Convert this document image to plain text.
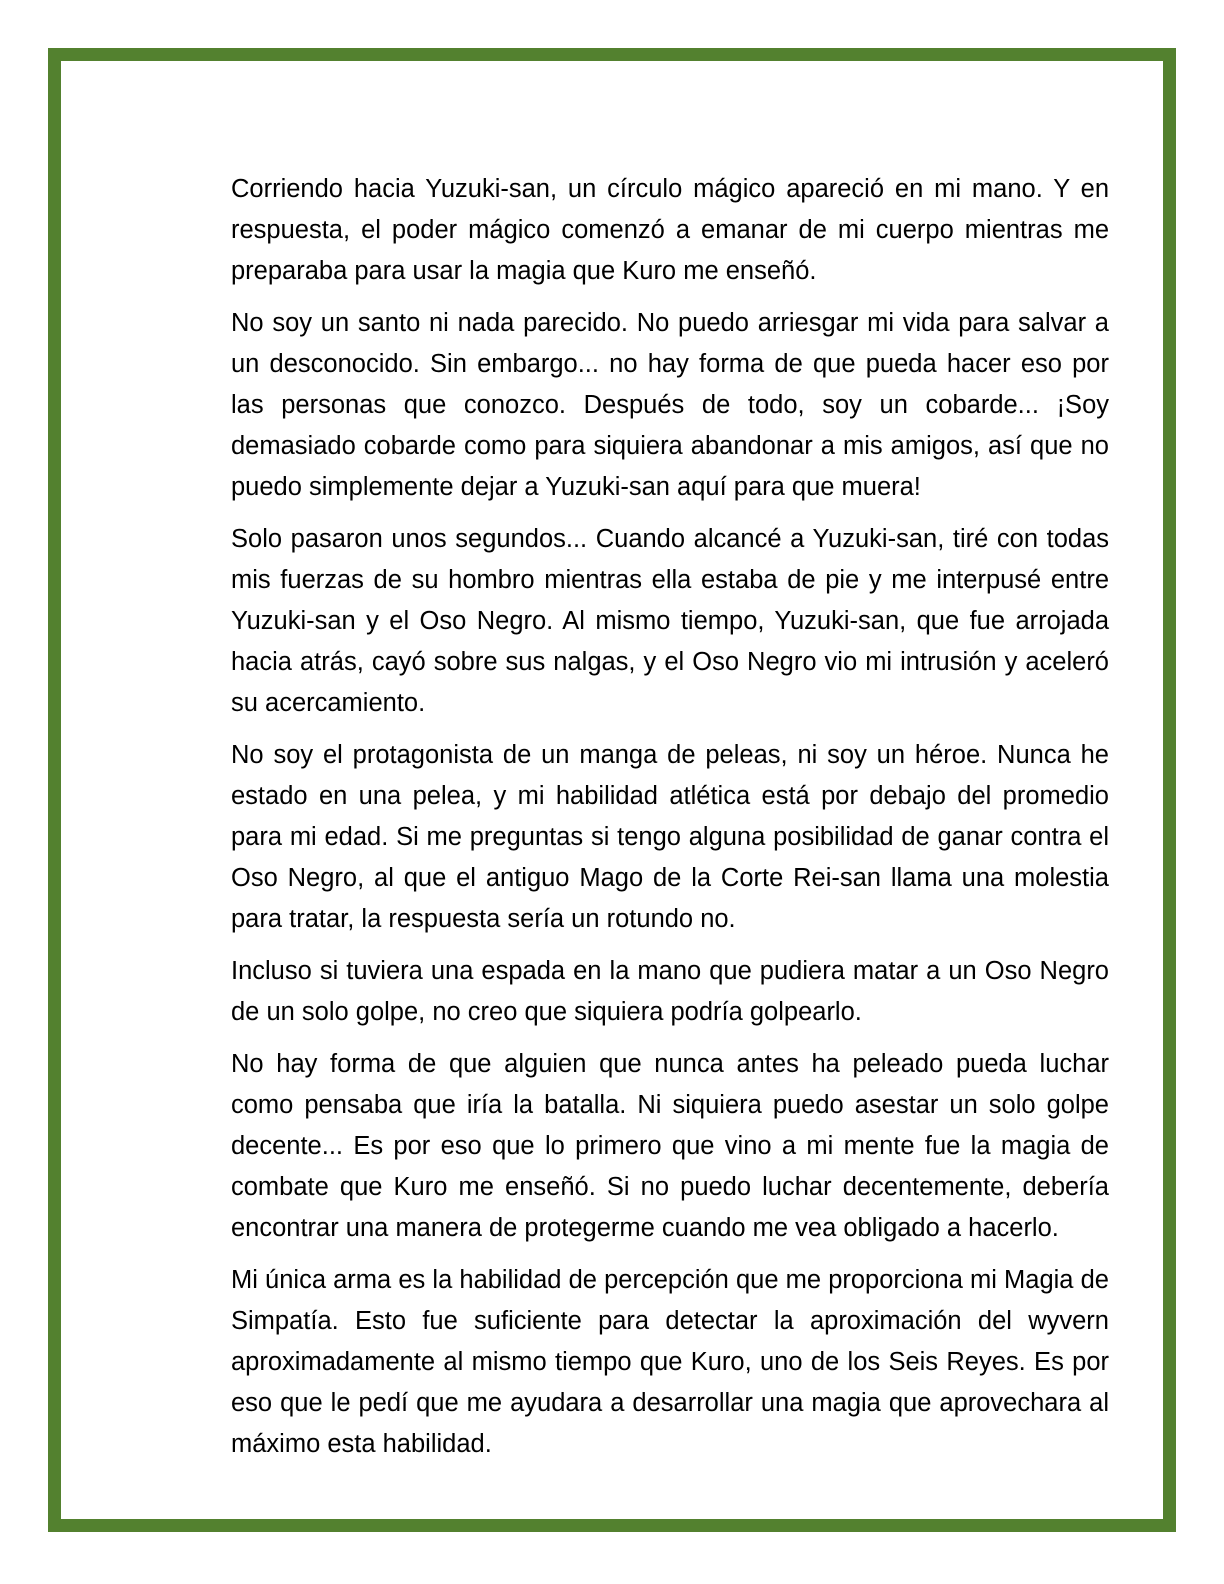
Corriendo hacia Yuzuki-san, un círculo mágico apareció en mi mano. Y en respuesta, el poder mágico comenzó a emanar de mi cuerpo mientras me preparaba para usar la magia que Kuro me enseñó.

No soy un santo ni nada parecido. No puedo arriesgar mi vida para salvar a un desconocido. Sin embargo... no hay forma de que pueda hacer eso por las personas que conozco. Después de todo, soy un cobarde... ¡Soy demasiado cobarde como para siquiera abandonar a mis amigos, así que no puedo simplemente dejar a Yuzuki-san aquí para que muera!

Solo pasaron unos segundos... Cuando alcancé a Yuzuki-san, tiré con todas mis fuerzas de su hombro mientras ella estaba de pie y me interpusé entre Yuzuki-san y el Oso Negro. Al mismo tiempo, Yuzuki-san, que fue arrojada hacia atrás, cayó sobre sus nalgas, y el Oso Negro vio mi intrusión y aceleró su acercamiento.

No soy el protagonista de un manga de peleas, ni soy un héroe. Nunca he estado en una pelea, y mi habilidad atlética está por debajo del promedio para mi edad. Si me preguntas si tengo alguna posibilidad de ganar contra el Oso Negro, al que el antiguo Mago de la Corte Rei-san llama una molestia para tratar, la respuesta sería un rotundo no.

Incluso si tuviera una espada en la mano que pudiera matar a un Oso Negro de un solo golpe, no creo que siquiera podría golpearlo.

No hay forma de que alguien que nunca antes ha peleado pueda luchar como pensaba que iría la batalla. Ni siquiera puedo asestar un solo golpe decente... Es por eso que lo primero que vino a mi mente fue la magia de combate que Kuro me enseñó. Si no puedo luchar decentemente, debería encontrar una manera de protegerme cuando me vea obligado a hacerlo.

Mi única arma es la habilidad de percepción que me proporciona mi Magia de Simpatía. Esto fue suficiente para detectar la aproximación del wyvern aproximadamente al mismo tiempo que Kuro, uno de los Seis Reyes. Es por eso que le pedí que me ayudara a desarrollar una magia que aprovechara al máximo esta habilidad.
